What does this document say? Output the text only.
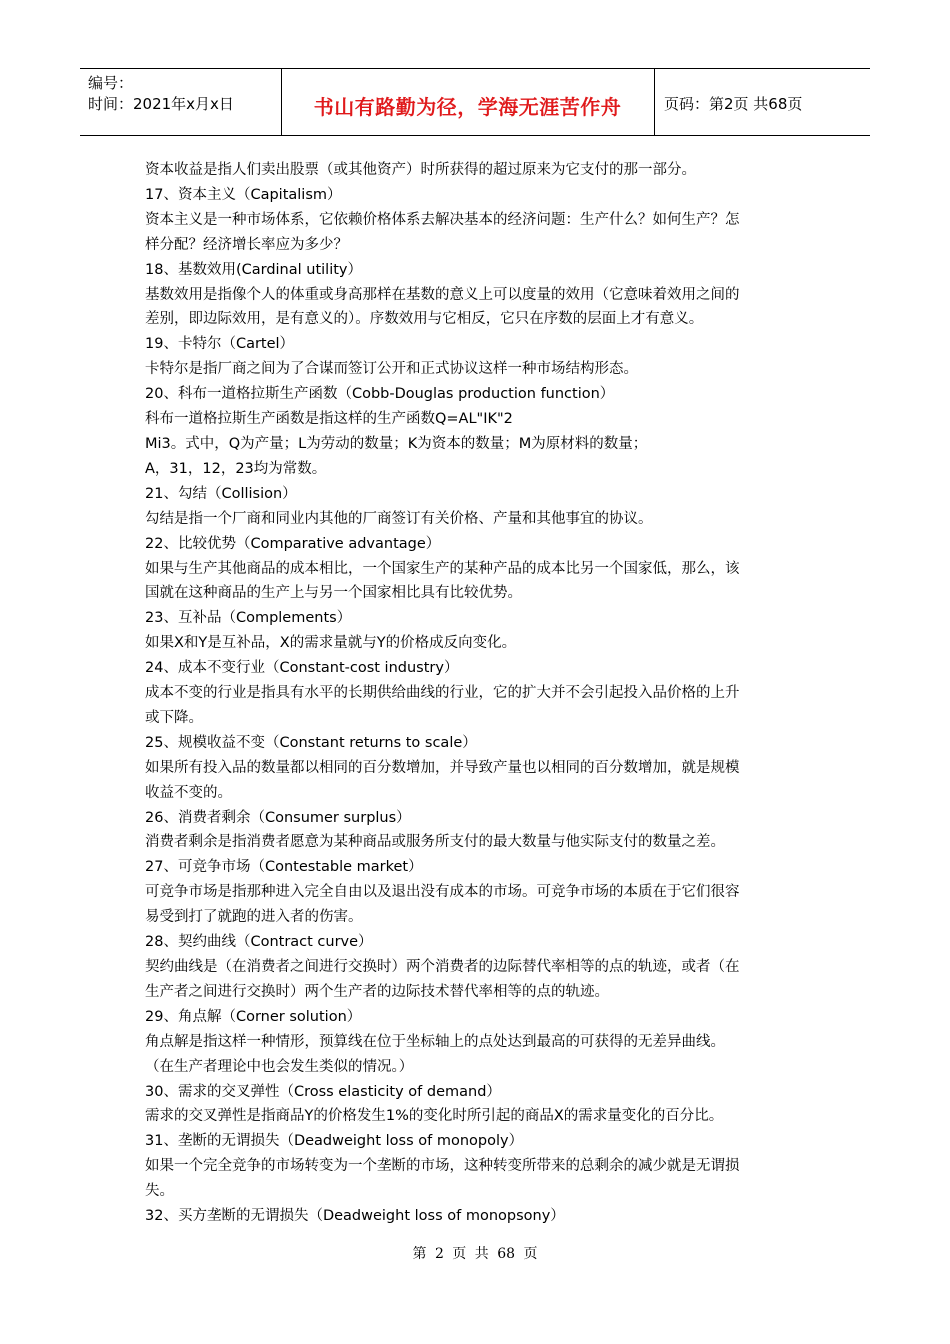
编号：
时间：2021年x月x日	书山有路勤为径，学海无涯苦作舟	页码：第2页 共68页
资本收益是指人们卖出股票（或其他资产）时所获得的超过原来为它支付的那一部分。
17、资本主义（Capitalism）
资本主义是一种市场体系，它依赖价格体系去解决基本的经济问题：生产什么？如何生产？怎
样分配？经济增长率应为多少？
18、基数效用(Cardinal utility）
基数效用是指像个人的体重或身高那样在基数的意义上可以度量的效用（它意味着效用之间的
差别，即边际效用，是有意义的）。序数效用与它相反，它只在序数的层面上才有意义。
19、卡特尔（Cartel）
卡特尔是指厂商之间为了合谋而签订公开和正式协议这样一种市场结构形态。
20、科布一道格拉斯生产函数（Cobb-Douglas production function）
科布一道格拉斯生产函数是指这样的生产函数Q=AL"IK"2
Mi3。式中，Q为产量；L为劳动的数量；K为资本的数量；M为原材料的数量；
A，31，12，23均为常数。
21、勾结（Collision）
勾结是指一个厂商和同业内其他的厂商签订有关价格、产量和其他事宜的协议。
22、比较优势（Comparative advantage）
如果与生产其他商品的成本相比，一个国家生产的某种产品的成本比另一个国家低，那么，该
国就在这种商品的生产上与另一个国家相比具有比较优势。
23、互补品（Complements）
如果X和Y是互补品，X的需求量就与Y的价格成反向变化。
24、成本不变行业（Constant-cost industry）
成本不变的行业是指具有水平的长期供给曲线的行业，它的扩大并不会引起投入品价格的上升
或下降。
25、规模收益不变（Constant returns to scale）
如果所有投入品的数量都以相同的百分数增加，并导致产量也以相同的百分数增加，就是规模
收益不变的。
26、消费者剩余（Consumer surplus）
消费者剩余是指消费者愿意为某种商品或服务所支付的最大数量与他实际支付的数量之差。
27、可竞争市场（Contestable market）
可竞争市场是指那种进入完全自由以及退出没有成本的市场。可竞争市场的本质在于它们很容
易受到打了就跑的进入者的伤害。
28、契约曲线（Contract curve）
契约曲线是（在消费者之间进行交换时）两个消费者的边际替代率相等的点的轨迹，或者（在
生产者之间进行交换时）两个生产者的边际技术替代率相等的点的轨迹。
29、角点解（Corner solution）
角点解是指这样一种情形，预算线在位于坐标轴上的点处达到最高的可获得的无差异曲线。
（在生产者理论中也会发生类似的情况。）
30、需求的交叉弹性（Cross elasticity of demand）
需求的交叉弹性是指商品Y的价格发生1%的变化时所引起的商品X的需求量变化的百分比。
31、垄断的无谓损失（Deadweight loss of monopoly）
如果一个完全竞争的市场转变为一个垄断的市场，这种转变所带来的总剩余的减少就是无谓损
失。
32、买方垄断的无谓损失（Deadweight loss of monopsony）
第 2 页 共 68 页
